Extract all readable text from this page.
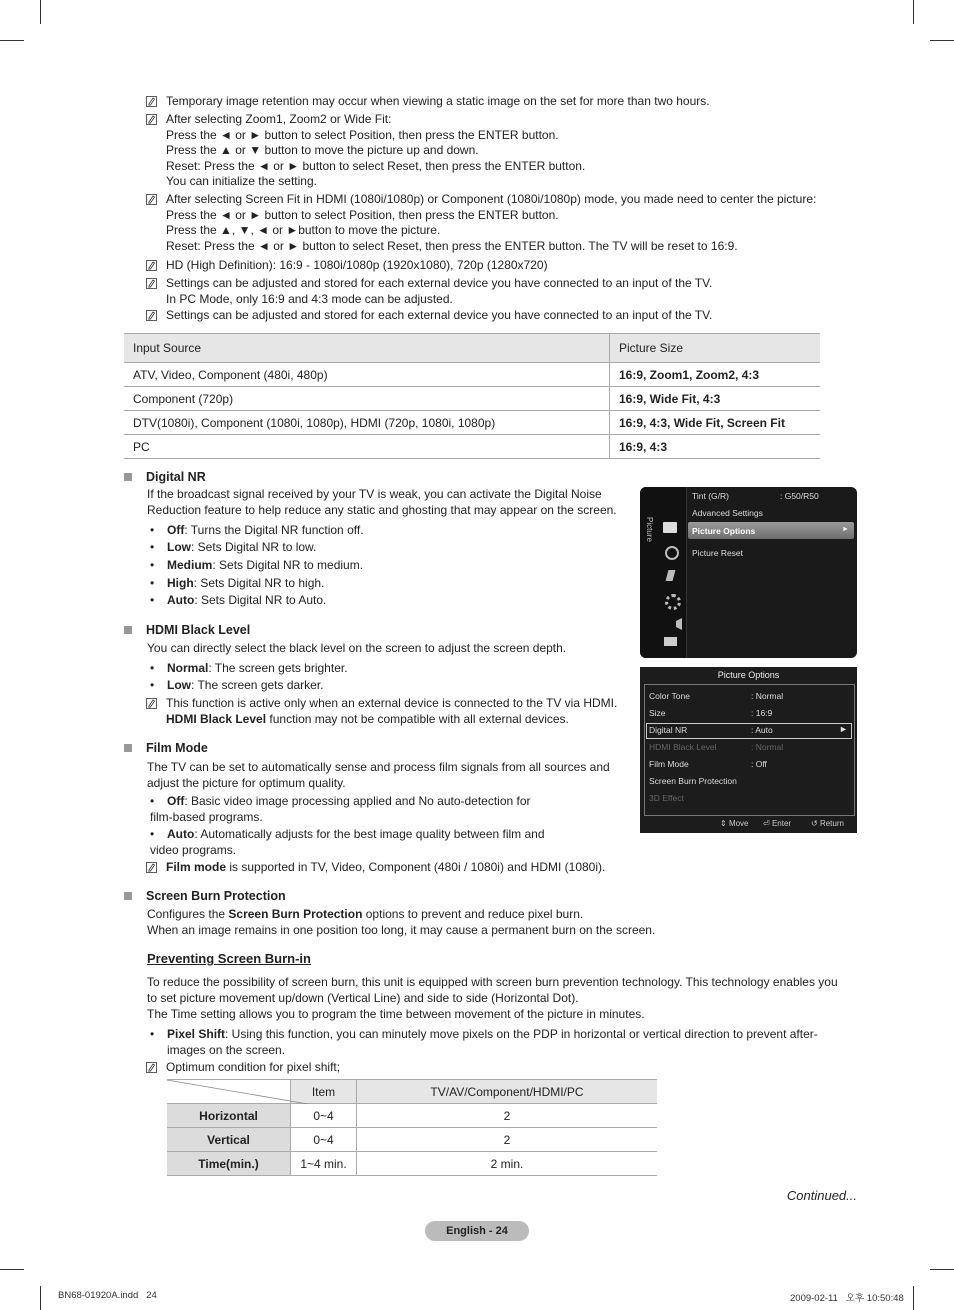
Temporary image retention may occur when viewing a static image on the set for more than two hours.
After selecting Zoom1, Zoom2 or Wide Fit:
Press the ◄ or ► button to select Position, then press the ENTER button.
Press the ▲ or ▼ button to move the picture up and down.
Reset: Press the ◄ or ► button to select Reset, then press the ENTER button.
You can initialize the setting.
After selecting Screen Fit in HDMI (1080i/1080p) or Component (1080i/1080p) mode, you made need to center the picture:
Press the ◄ or ► button to select Position, then press the ENTER button.
Press the ▲, ▼, ◄ or ►button to move the picture.
Reset: Press the ◄ or ► button to select Reset, then press the ENTER button. The TV will be reset to 16:9.
HD (High Definition): 16:9 - 1080i/1080p (1920x1080), 720p (1280x720)
Settings can be adjusted and stored for each external device you have connected to an input of the TV.
In PC Mode, only 16:9 and 4:3 mode can be adjusted.
Settings can be adjusted and stored for each external device you have connected to an input of the TV.
Input Source	Picture Size
ATV, Video, Component (480i, 480p)	16:9, Zoom1, Zoom2, 4:3
Component (720p)	16:9, Wide Fit, 4:3
DTV(1080i), Component (1080i, 1080p), HDMI (720p, 1080i, 1080p)	16:9, 4:3, Wide Fit, Screen Fit
PC	16:9, 4:3
Digital NR
If the broadcast signal received by your TV is weak, you can activate the Digital Noise
Reduction feature to help reduce any static and ghosting that may appear on the screen.
• Off: Turns the Digital NR function off.
• Low: Sets Digital NR to low.
• Medium: Sets Digital NR to medium.
• High: Sets Digital NR to high.
• Auto: Sets Digital NR to Auto.
HDMI Black Level
You can directly select the black level on the screen to adjust the screen depth.
• Normal: The screen gets brighter.
• Low: The screen gets darker.
This function is active only when an external device is connected to the TV via HDMI.
HDMI Black Level function may not be compatible with all external devices.
Film Mode
The TV can be set to automatically sense and process film signals from all sources and
adjust the picture for optimum quality.
• Off: Basic video image processing applied and No auto-detection for
film-based programs.
• Auto: Automatically adjusts for the best image quality between film and
video programs.
Film mode is supported in TV, Video, Component (480i / 1080i) and HDMI (1080i).
Screen Burn Protection
Configures the Screen Burn Protection options to prevent and reduce pixel burn.
When an image remains in one position too long, it may cause a permanent burn on the screen.
Preventing Screen Burn-in
To reduce the possibility of screen burn, this unit is equipped with screen burn prevention technology. This technology enables you
to set picture movement up/down (Vertical Line) and side to side (Horizontal Dot).
The Time setting allows you to program the time between movement of the picture in minutes.
• Pixel Shift: Using this function, you can minutely move pixels on the PDP in horizontal or vertical direction to prevent after-
images on the screen.
Optimum condition for pixel shift;
	Item	TV/AV/Component/HDMI/PC
Horizontal	0~4	2
Vertical	0~4	2
Time(min.)	1~4 min.	2 min.
Picture
Tint (G/R)	: G50/R50
Advanced Settings
Picture Options	►
Picture Reset
Picture Options
Color Tone	: Normal
Size	: 16:9
Digital NR	: Auto	►
HDMI Black Level	: Normal
Film Mode	: Off
Screen Burn Protection
3D Effect
⇕ Move ⏎ Enter ↺ Return
Continued...
English - 24
BN68-01920A.indd   24	2009-02-11   오후 10:50:48
